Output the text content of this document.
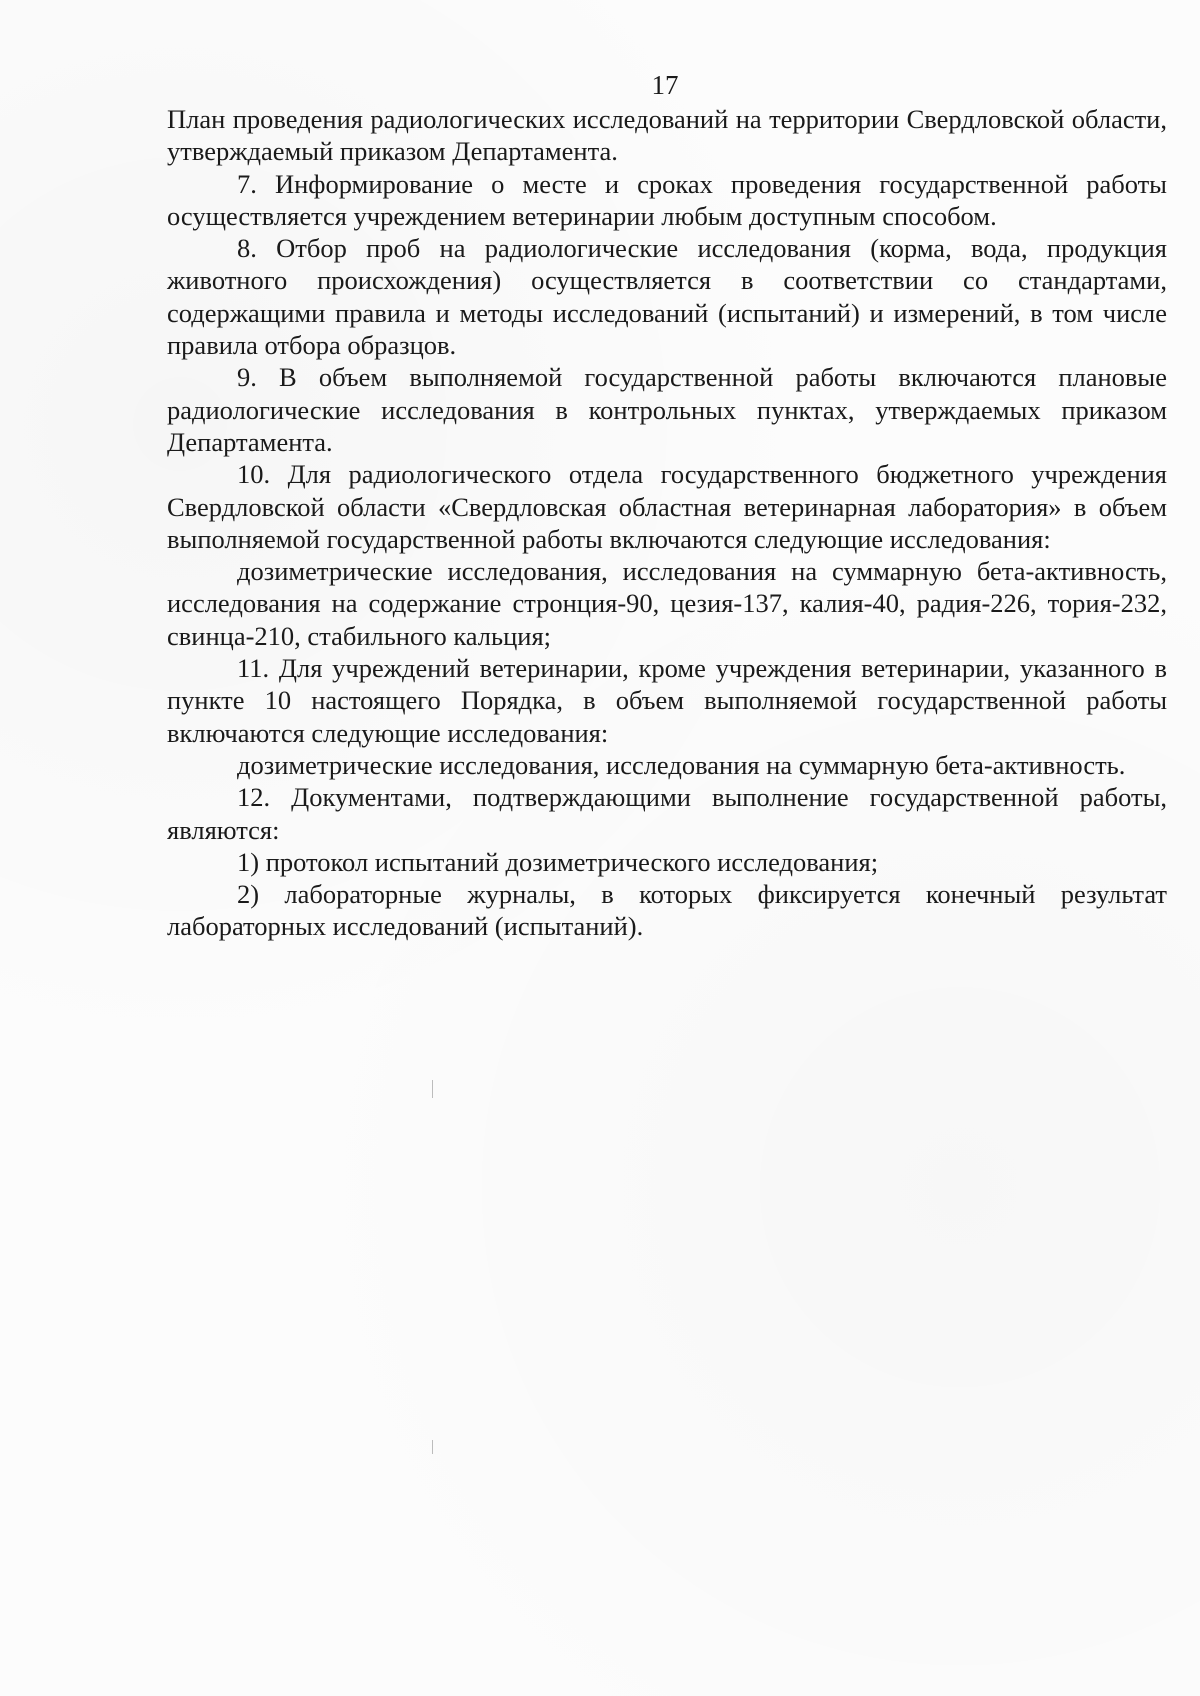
17

План проведения радиологических исследований на территории Свердловской области, утверждаемый приказом Департамента.

7. Информирование о месте и сроках проведения государственной работы осуществляется учреждением ветеринарии любым доступным способом.

8. Отбор проб на радиологические исследования (корма, вода, продукция животного происхождения) осуществляется в соответствии со стандартами, содержащими правила и методы исследований (испытаний) и измерений, в том числе правила отбора образцов.

9. В объем выполняемой государственной работы включаются плановые радиологические исследования в контрольных пунктах, утверждаемых приказом Департамента.

10. Для радиологического отдела государственного бюджетного учреждения Свердловской области «Свердловская областная ветеринарная лаборатория» в объем выполняемой государственной работы включаются следующие исследования:

дозиметрические исследования, исследования на суммарную бета-активность, исследования на содержание стронция-90, цезия-137, калия-40, радия-226, тория-232, свинца-210, стабильного кальция;

11. Для учреждений ветеринарии, кроме учреждения ветеринарии, указанного в пункте 10 настоящего Порядка, в объем выполняемой государственной работы включаются следующие исследования:

дозиметрические исследования, исследования на суммарную бета-активность.

12. Документами, подтверждающими выполнение государственной работы, являются:

1) протокол испытаний дозиметрического исследования;

2) лабораторные журналы, в которых фиксируется конечный результат лабораторных исследований (испытаний).
